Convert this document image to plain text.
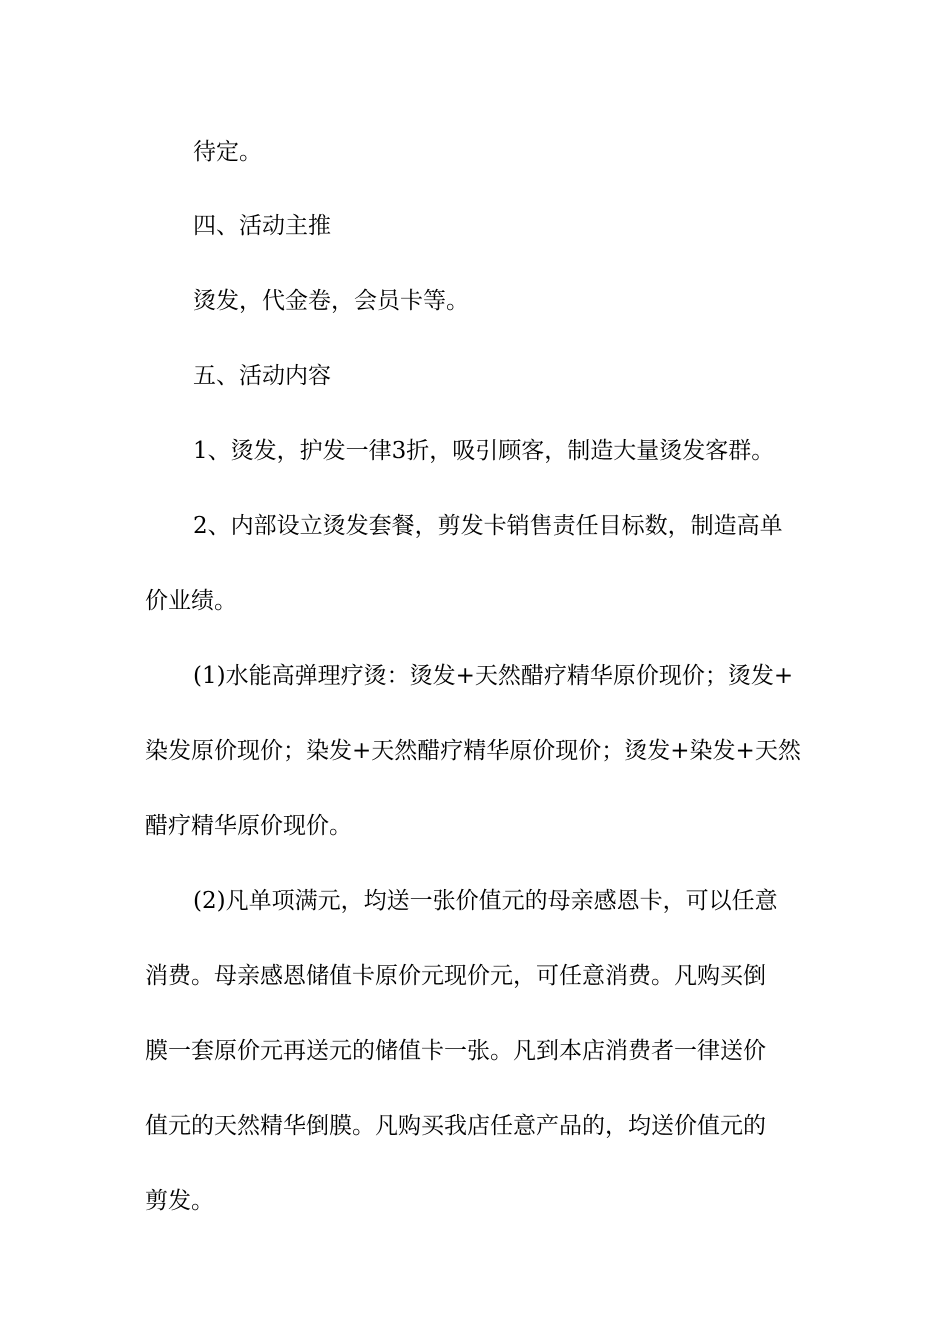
待定。
四、活动主推
烫发，代金卷，会员卡等。
五、活动内容
1、烫发，护发一律3折，吸引顾客，制造大量烫发客群。
2、内部设立烫发套餐，剪发卡销售责任目标数，制造高单
价业绩。
(1)水能高弹理疗烫：烫发+天然醋疗精华原价现价；烫发+
染发原价现价；染发+天然醋疗精华原价现价；烫发+染发+天然
醋疗精华原价现价。
(2)凡单项满元，均送一张价值元的母亲感恩卡，可以任意
消费。母亲感恩储值卡原价元现价元，可任意消费。凡购买倒
膜一套原价元再送元的储值卡一张。凡到本店消费者一律送价
值元的天然精华倒膜。凡购买我店任意产品的，均送价值元的
剪发。
